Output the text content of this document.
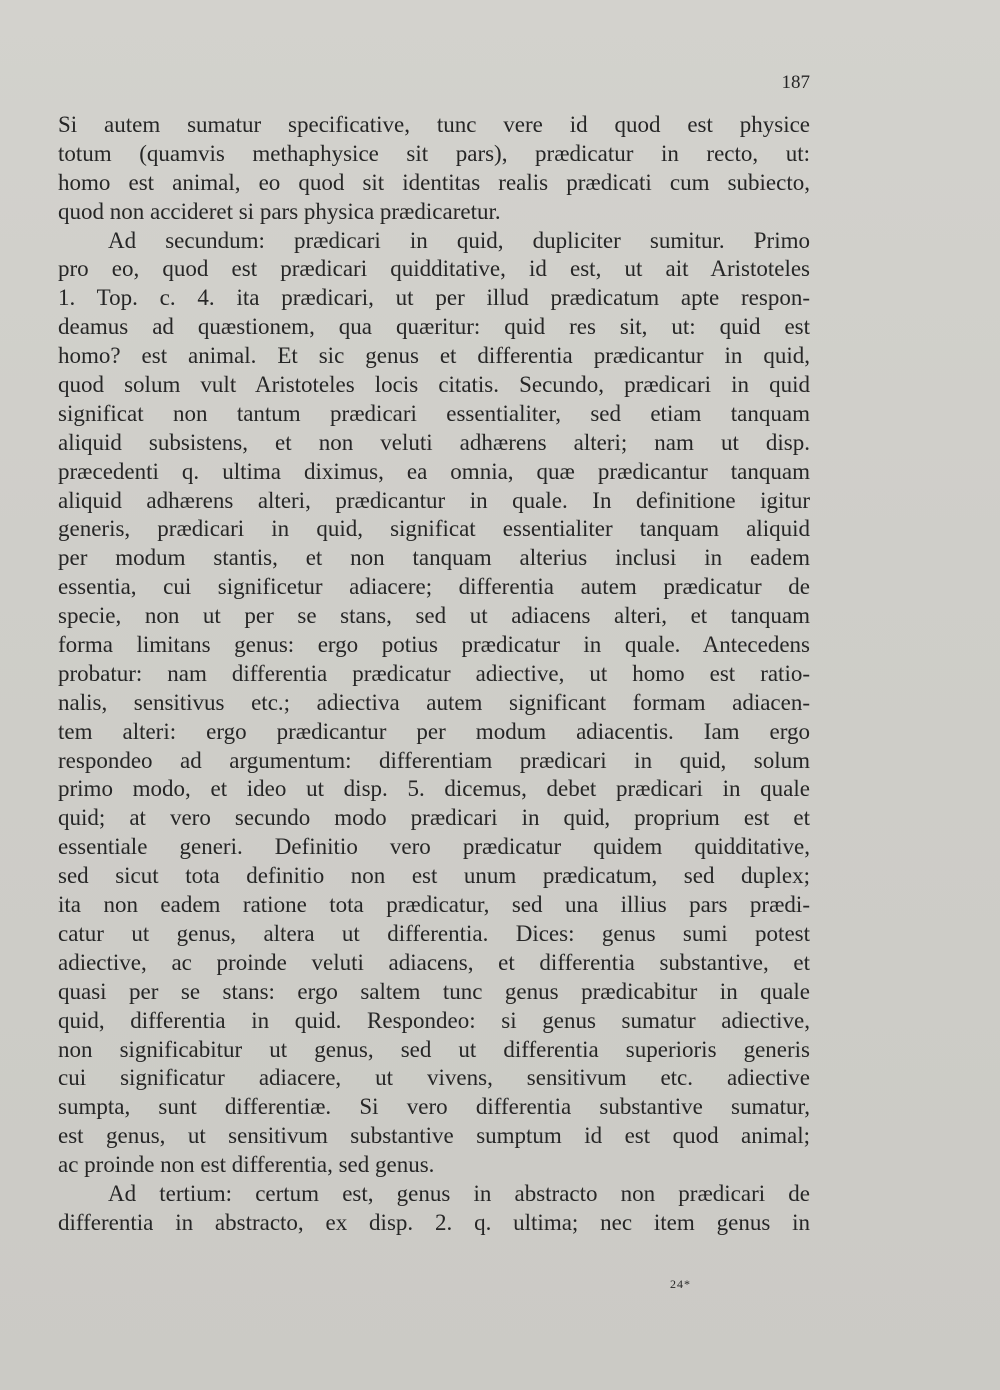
187
Si autem sumatur specificative, tunc vere id quod est physice
totum (quamvis methaphysice sit pars), prædicatur in recto, ut:
homo est animal, eo quod sit identitas realis prædicati cum subiecto,
quod non accideret si pars physica prædicaretur.
Ad secundum: prædicari in quid, dupliciter sumitur. Primo
pro eo, quod est prædicari quidditative, id est, ut ait Aristoteles
1. Top. c. 4. ita prædicari, ut per illud prædicatum apte respon-
deamus ad quæstionem, qua quæritur: quid res sit, ut: quid est
homo? est animal. Et sic genus et differentia prædicantur in quid,
quod solum vult Aristoteles locis citatis. Secundo, prædicari in quid
significat non tantum prædicari essentialiter, sed etiam tanquam
aliquid subsistens, et non veluti adhærens alteri; nam ut disp.
præcedenti q. ultima diximus, ea omnia, quæ prædicantur tanquam
aliquid adhærens alteri, prædicantur in quale. In definitione igitur
generis, prædicari in quid, significat essentialiter tanquam aliquid
per modum stantis, et non tanquam alterius inclusi in eadem
essentia, cui significetur adiacere; differentia autem prædicatur de
specie, non ut per se stans, sed ut adiacens alteri, et tanquam
forma limitans genus: ergo potius prædicatur in quale. Antecedens
probatur: nam differentia prædicatur adiective, ut homo est ratio-
nalis, sensitivus etc.; adiectiva autem significant formam adiacen-
tem alteri: ergo prædicantur per modum adiacentis. Iam ergo
respondeo ad argumentum: differentiam prædicari in quid, solum
primo modo, et ideo ut disp. 5. dicemus, debet prædicari in quale
quid; at vero secundo modo prædicari in quid, proprium est et
essentiale generi. Definitio vero prædicatur quidem quidditative,
sed sicut tota definitio non est unum prædicatum, sed duplex;
ita non eadem ratione tota prædicatur, sed una illius pars prædi-
catur ut genus, altera ut differentia. Dices: genus sumi potest
adiective, ac proinde veluti adiacens, et differentia substantive, et
quasi per se stans: ergo saltem tunc genus prædicabitur in quale
quid, differentia in quid. Respondeo: si genus sumatur adiective,
non significabitur ut genus, sed ut differentia superioris generis
cui significatur adiacere, ut vivens, sensitivum etc. adiective
sumpta, sunt differentiæ. Si vero differentia substantive sumatur,
est genus, ut sensitivum substantive sumptum id est quod animal;
ac proinde non est differentia, sed genus.
Ad tertium: certum est, genus in abstracto non prædicari de
differentia in abstracto, ex disp. 2. q. ultima; nec item genus in
24*
